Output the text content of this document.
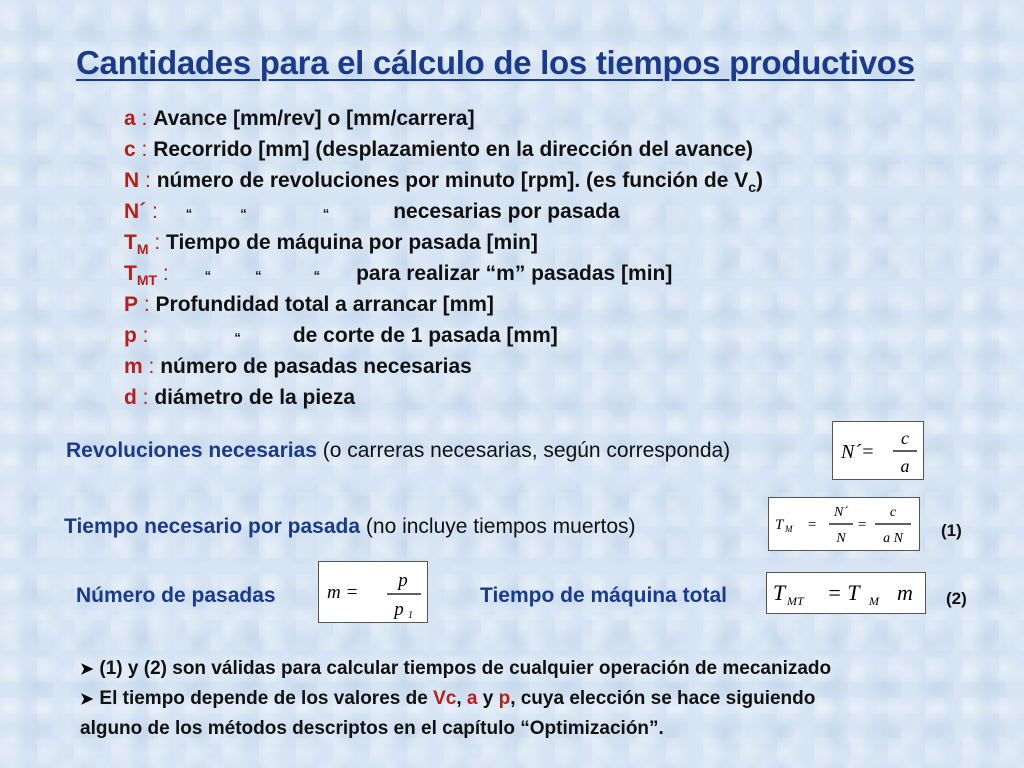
Cantidades para el cálculo de los tiempos productivos
a : Avance [mm/rev] o [mm/carrera]
c : Recorrido [mm] (desplazamiento en la dirección del avance)
N : número de revoluciones por minuto [rpm]. (es función de $V_c$)
N´ : “	“	“	necesarias por pasada
$T_M$ : Tiempo de máquina por pasada [min]
$T_{MT}$ : “	“	“ para realizar “m” pasadas [min]
P : Profundidad total a arrancar [mm]
p :	“ de corte de 1 pasada [mm]
m : número de pasadas necesarias
d : diámetro de la pieza
Revoluciones necesarias (o carreras necesarias, según corresponda)	N´=
c
a
Tiempo necesario por pasada (no incluye tiempos muertos)	T M =
N´
N
=
c
a N (1)
Número de pasadas	m =
p
p 1
Tiempo de máquina total T MT = T M m (2)
➤ (1) y (2) son válidas para calcular tiempos de cualquier operación de mecanizado
➤ El tiempo depende de los valores de Vc, a y p, cuya elección se hace siguiendo
alguno de los métodos descriptos en el capítulo “Optimización”.
